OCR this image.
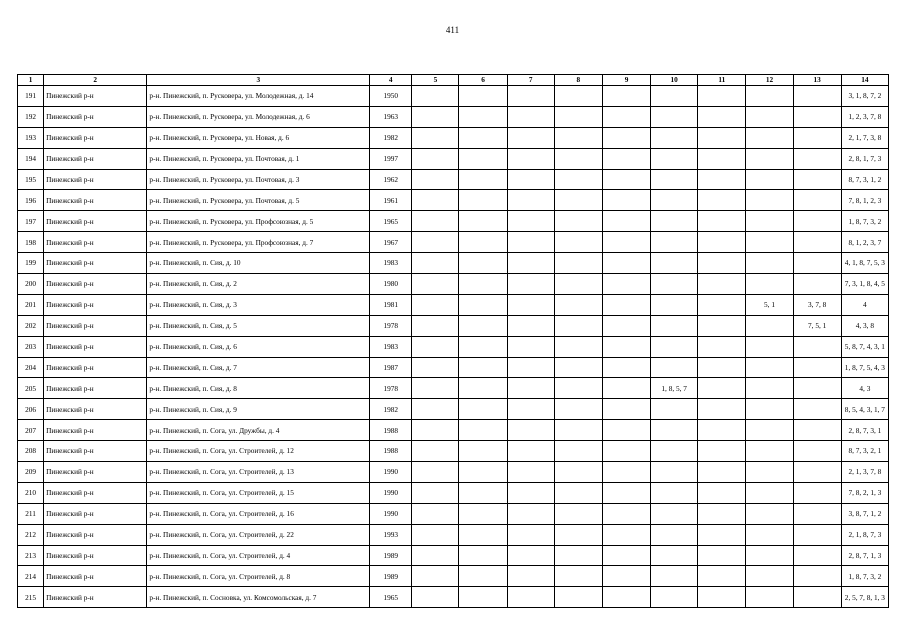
411
1	2	3	4	5	6	7	8	9	10	11	12	13	14
191	Пинежский р-н	р-н. Пинежский, п. Русковера, ул. Молодежная, д. 14	1950										3, 1, 8, 7, 2
192	Пинежский р-н	р-н. Пинежский, п. Русковера, ул. Молодежная, д. 6	1963										1, 2, 3, 7, 8
193	Пинежский р-н	р-н. Пинежский, п. Русковера, ул. Новая, д. 6	1982										2, 1, 7, 3, 8
194	Пинежский р-н	р-н. Пинежский, п. Русковера, ул. Почтовая, д. 1	1997										2, 8, 1, 7, 3
195	Пинежский р-н	р-н. Пинежский, п. Русковера, ул. Почтовая, д. 3	1962										8, 7, 3, 1, 2
196	Пинежский р-н	р-н. Пинежский, п. Русковера, ул. Почтовая, д. 5	1961										7, 8, 1, 2, 3
197	Пинежский р-н	р-н. Пинежский, п. Русковера, ул. Профсоюзная, д. 5	1965										1, 8, 7, 3, 2
198	Пинежский р-н	р-н. Пинежский, п. Русковера, ул. Профсоюзная, д. 7	1967										8, 1, 2, 3, 7
199	Пинежский р-н	р-н. Пинежский, п. Сия, д. 10	1983										4, 1, 8, 7, 5, 3
200	Пинежский р-н	р-н. Пинежский, п. Сия, д. 2	1980										7, 3, 1, 8, 4, 5
201	Пинежский р-н	р-н. Пинежский, п. Сия, д. 3	1981								5, 1	3, 7, 8	4
202	Пинежский р-н	р-н. Пинежский, п. Сия, д. 5	1978									7, 5, 1	4, 3, 8
203	Пинежский р-н	р-н. Пинежский, п. Сия, д. 6	1983										5, 8, 7, 4, 3, 1
204	Пинежский р-н	р-н. Пинежский, п. Сия, д. 7	1987										1, 8, 7, 5, 4, 3
205	Пинежский р-н	р-н. Пинежский, п. Сия, д. 8	1978						1, 8, 5, 7				4, 3
206	Пинежский р-н	р-н. Пинежский, п. Сия, д. 9	1982										8, 5, 4, 3, 1, 7
207	Пинежский р-н	р-н. Пинежский, п. Сога, ул. Дружбы, д. 4	1988										2, 8, 7, 3, 1
208	Пинежский р-н	р-н. Пинежский, п. Сога, ул. Строителей, д. 12	1988										8, 7, 3, 2, 1
209	Пинежский р-н	р-н. Пинежский, п. Сога, ул. Строителей, д. 13	1990										2, 1, 3, 7, 8
210	Пинежский р-н	р-н. Пинежский, п. Сога, ул. Строителей, д. 15	1990										7, 8, 2, 1, 3
211	Пинежский р-н	р-н. Пинежский, п. Сога, ул. Строителей, д. 16	1990										3, 8, 7, 1, 2
212	Пинежский р-н	р-н. Пинежский, п. Сога, ул. Строителей, д. 22	1993										2, 1, 8, 7, 3
213	Пинежский р-н	р-н. Пинежский, п. Сога, ул. Строителей, д. 4	1989										2, 8, 7, 1, 3
214	Пинежский р-н	р-н. Пинежский, п. Сога, ул. Строителей, д. 8	1989										1, 8, 7, 3, 2
215	Пинежский р-н	р-н. Пинежский, п. Сосновка, ул. Комсомольская, д. 7	1965										2, 5, 7, 8, 1, 3
